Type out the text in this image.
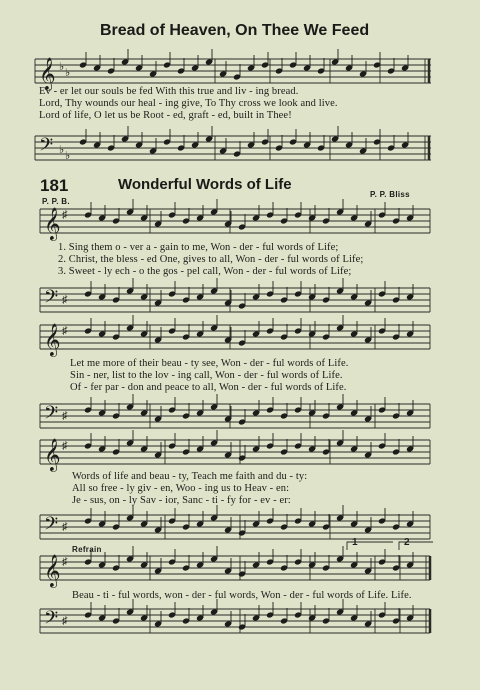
Bread of Heaven, On Thee We Feed
𝄞 ♭ ♭
Ev - er let our souls be fed With this true and liv - ing bread.
Lord, Thy wounds our heal - ing give, To Thy cross we look and live.
Lord of life, O let us be Root - ed, graft - ed, built in Thee!
𝄢 ♭ ♭
181	Wonderful Words of Life
P. P. B.
P. P. Bliss
𝄞 ♯
1. Sing them o - ver a - gain to me, Won - der - ful words of Life;
2. Christ, the bless - ed One, gives to all, Won - der - ful words of Life;
3. Sweet - ly ech - o the gos - pel call, Won - der - ful words of Life;
𝄢 ♯
𝄞 ♯
Let me more of their beau - ty see, Won - der - ful words of Life.
Sin - ner, list to the lov - ing call, Won - der - ful words of Life.
Of - fer par - don and peace to all, Won - der - ful words of Life.
𝄢 ♯
𝄞 ♯
Words of life and beau - ty, Teach me faith and du - ty:
All so free - ly giv - en, Woo - ing us to Heav - en:
Je - sus, on - ly Sav - ior, Sanc - ti - fy for - ev - er:
𝄢 ♯
Refrain
1	2
𝄞 ♯
Beau - ti - ful words, won - der - ful words, Won - der - ful words of Life. Life.
𝄢 ♯
